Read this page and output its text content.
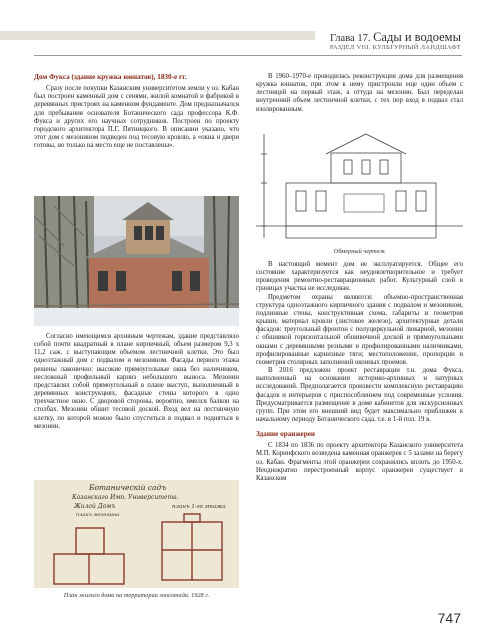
Глава 17. Сады и водоемы
РАЗДЕЛ VIII. КУЛЬТУРНЫЙ ЛАНДШАФТ

Дом Фукса (здание кружка юннатов), 1830-е гг.

Сразу после покупки Казанским университетом земли у оз. Кабан был построен каменный дом с сенями, жилой комнатой и фабрикой в деревянных пристроях на каменном фундаменте. Дом предназначался для пребывания основателя Ботанического сада профессора К.Ф. Фукса и других его научных сотрудников. Построен по проекту городского архитектора П.Г. Пятницкого. В описании указано, что этот дом с мезонином подведен под тесовую кровлю, а «окна и двери готовы, но только на место еще не поставлены».

Согласно имеющимся архивным чертежам, здание представляло собой почти квадратный в плане кирпичный, объем размером 9,3 х 11,2 саж. с выступающим объемом лестничной клетки. Это был одноэтажный дом с подвалом и мезонином. Фасады первого этажа решены лаконично: высокие прямоугольные окна без наличников, несложный профильный карниз небольшого выноса. Мезонин представлял собой прямоугольный в плане выступ, выполненный в деревянных конструкциях, фасадные стены которого в одно трехчастное окно. С дворовой стороны, вероятно, имелся балкон на столбах. Мезонин обшит тесовой доской. Вход вел на лестничную клетку, по которой можно было спуститься в подвал и подняться в мезонин.

Ботаническiй садъ
Казанскаго Имп. Университета.
Жилой Домъ
планъ мезонина
планъ 1-го этажа
План жилого дома на территории зоосотада. 1928 г.

В 1960–1970-е проводилась реконструкция дома для размещения кружка юннатов, при этом к нему пристроили еще один объем с лестницей на первый этаж, а оттуда на мезонин. Был переделан внутренний объем лестничной клетки, с тех пор вход в подвал стал изолированным.

Обмерный чертеж

В настоящий момент дом не эксплуатируется. Общее его состояние характеризуется как неудовлетворительное и требует проведения ремонтно-реставрационных работ. Культурный слой в границах участка не исследован.

Предметом охраны являются: объемно-пространственная структура одноэтажного кирпичного здания с подвалом и мезонином, подлинные стены, конструктивная схема, габариты и геометрия крыши, материал кровли (листовое железо), архитектурные детали фасадов: треугольный фронтон с полуциркульной люкарной, мезонин с обшивкой горизонтальной обшивочной доской и прямоугольными окнами с деревянными резными и профилированными наличниками, профилированные карнизные тяги; местоположение, пропорции и геометрия столярных заполнений оконных проемов.

В 2016 предложен проект реставрации т.н. дома Фукса, выполненный на основании историко-архивных и натурных исследований. Предполагается произвести комплексную реставрацию фасадов и интерьеров с приспособлением под современные условия. Предусматривается размещение в доме кабинетов для экскурсионных групп. При этом его внешний вид будет максимально приближен к начальному периоду Ботанического сада, т.е. в 1-й пол. 19 в.

Здание оранжереи

С 1834 по 1836 по проекту архитектора Казанского университета М.П. Коринфского возведена каменная оранжерея с 5 залами на берегу оз. Кабан. Фрагменты этой оранжереи сохранялись вплоть до 1950-х. Неоднократно перестроенный корпус оранжереи существует в Казанском

747
